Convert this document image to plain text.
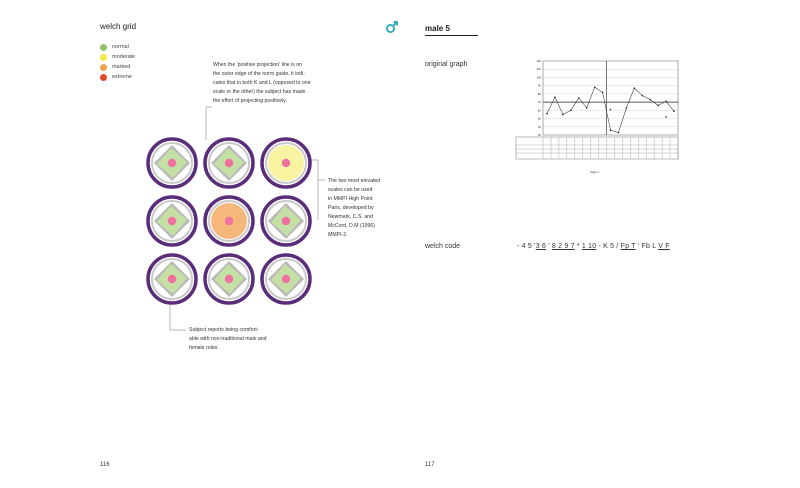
welch grid
normal
moderate
marked
extreme
When the 'positive projection' line is on
the outer edge of the norm guide, it indi-
cates that in both K and L (opposed to one
scale or the other) the subject has made
the effort of projecting positively.
The two most elevated
scales can be used
in MMPI High Point
Pairs, developed by
Newmark, C.S. and
McCord, D.M (1996)
MMPI-2.
Subject reports being comfort-
able with non-traditional male and
female roles.
116
male 5
original graph
welch code	- 4 5 '3 6 ' 8 2 9 7 * 1 10 - K 5 / Fp T ' Fb L V F
120
110
100
90
80
70
60
50
40
30
Page 1
117
